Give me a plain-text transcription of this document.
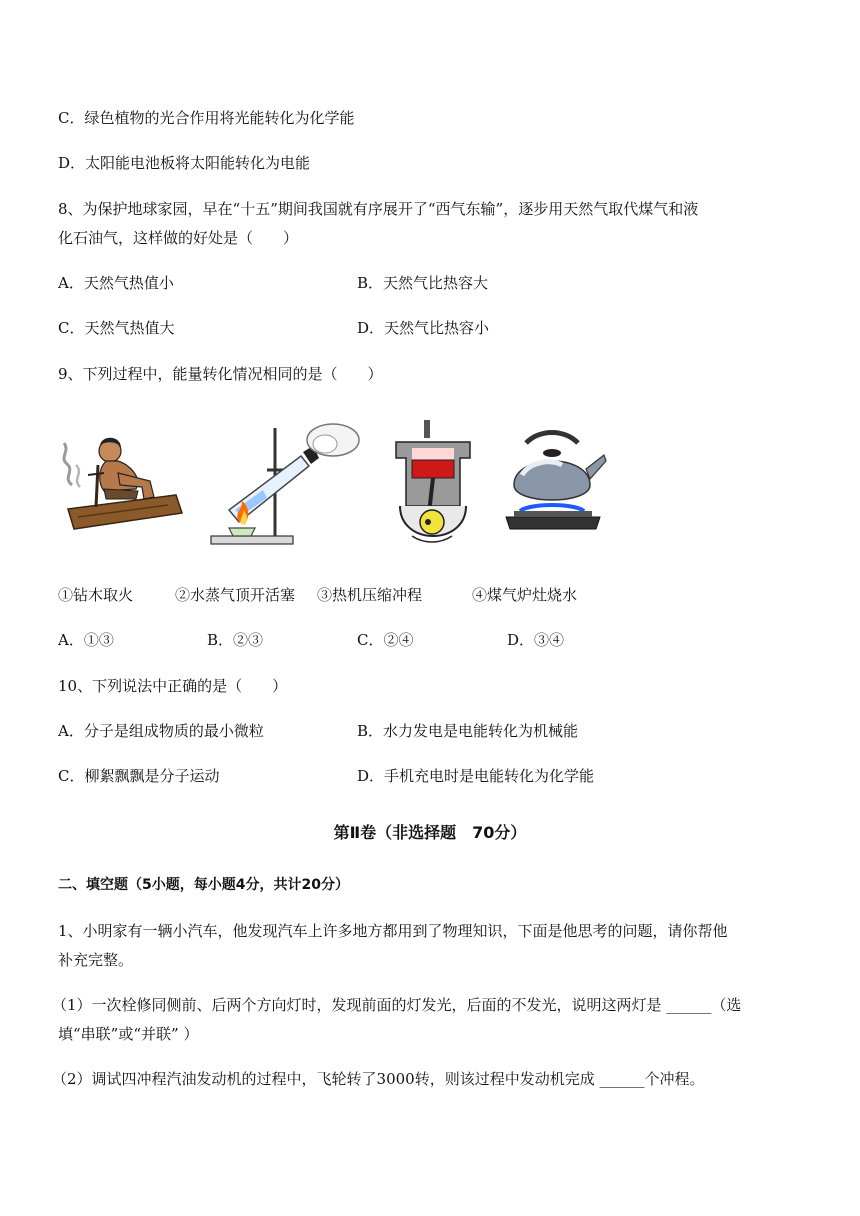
C．绿色植物的光合作用将光能转化为化学能
D．太阳能电池板将太阳能转化为电能
8、为保护地球家园，早在“十五”期间我国就有序展开了“西气东输”，逐步用天然气取代煤气和液
化石油气，这样做的好处是（　　）
A．天然气热值小	B．天然气比热容大
C．天然气热值大	D．天然气比热容小
9、下列过程中，能量转化情况相同的是（　　）
①钻木取火	②水蒸气顶开活塞 ③热机压缩冲程	④煤气炉灶烧水
A．①③	B．②③	C．②④	D．③④
10、下列说法中正确的是（　　）
A．分子是组成物质的最小微粒	B．水力发电是电能转化为机械能
C．柳絮飘飘是分子运动	D．手机充电时是电能转化为化学能
第Ⅱ卷（非选择题　70分）
二、填空题（5小题，每小题4分，共计20分）
1、小明家有一辆小汽车，他发现汽车上许多地方都用到了物理知识，下面是他思考的问题，请你帮他
补充完整。
（1）一次栓修同侧前、后两个方向灯时，发现前面的灯发光，后面的不发光，说明这两灯是 ______（选
填“串联”或“并联” ）
（2）调试四冲程汽油发动机的过程中，飞轮转了3000转，则该过程中发动机完成 ______个冲程。
